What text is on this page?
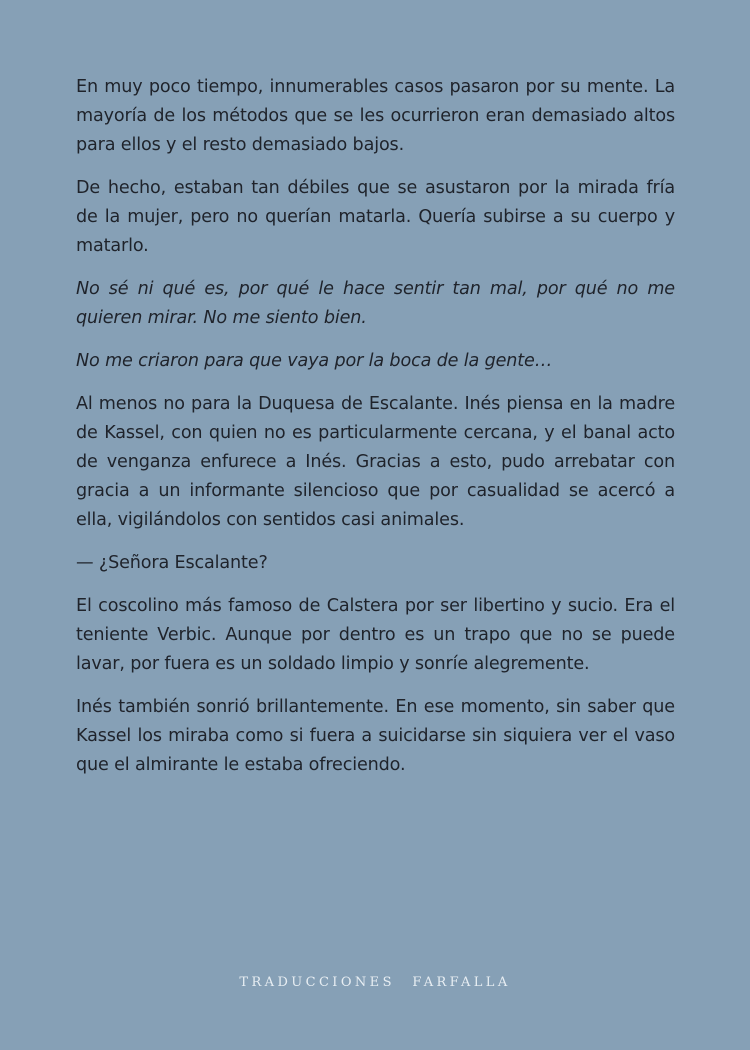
En muy poco tiempo, innumerables casos pasaron por su mente. La mayoría de los métodos que se les ocurrieron eran demasiado altos para ellos y el resto demasiado bajos.

De hecho, estaban tan débiles que se asustaron por la mirada fría de la mujer, pero no querían matarla. Quería subirse a su cuerpo y matarlo.

No sé ni qué es, por qué le hace sentir tan mal, por qué no me quieren mirar. No me siento bien.

No me criaron para que vaya por la boca de la gente…

Al menos no para la Duquesa de Escalante. Inés piensa en la madre de Kassel, con quien no es particularmente cercana, y el banal acto de venganza enfurece a Inés. Gracias a esto, pudo arrebatar con gracia a un informante silencioso que por casualidad se acercó a ella, vigilándolos con sentidos casi animales.

— ¿Señora Escalante?

El coscolino más famoso de Calstera por ser libertino y sucio. Era el teniente Verbic. Aunque por dentro es un trapo que no se puede lavar, por fuera es un soldado limpio y sonríe alegremente.

Inés también sonrió brillantemente. En ese momento, sin saber que Kassel los miraba como si fuera a suicidarse sin siquiera ver el vaso que el almirante le estaba ofreciendo.

TRADUCCIONES FARFALLA
